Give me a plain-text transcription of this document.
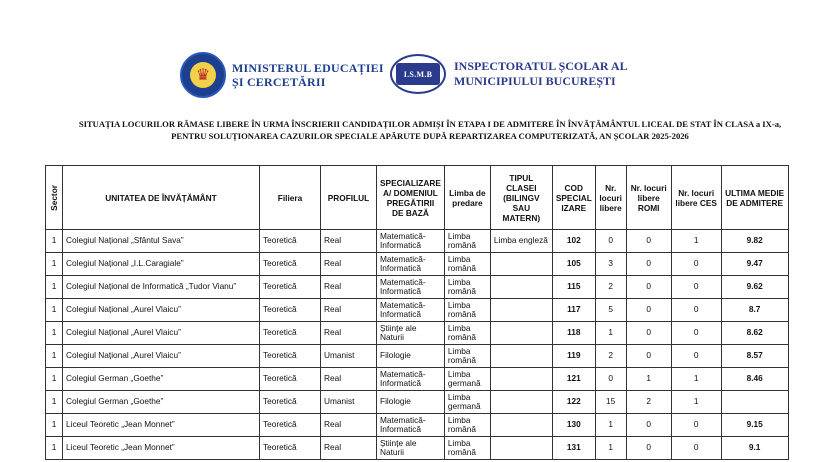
♛	MINISTERUL EDUCAȚIEI
ȘI CERCETĂRII
I.S.M.B
INSPECTORATUL ȘCOLAR AL
MUNICIPIULUI BUCUREȘTI
SITUAȚIA LOCURILOR RĂMASE LIBERE ÎN URMA ÎNSCRIERII CANDIDAȚILOR ADMIȘI ÎN ETAPA I DE ADMITERE ÎN ÎNVĂȚĂMÂNTUL LICEAL DE STAT ÎN CLASA a IX-a,
PENTRU SOLUȚIONAREA CAZURILOR SPECIALE APĂRUTE DUPĂ REPARTIZAREA COMPUTERIZATĂ, AN ȘCOLAR 2025-2026
Sector	UNITATEA DE ÎNVĂȚĂMÂNT	Filiera	PROFILUL	SPECIALIZARE A/ DOMENIUL PREGĂTIRII DE BAZĂ	Limba de predare	TIPUL CLASEI (BILINGV SAU MATERN)	COD SPECIAL IZARE	Nr. locuri libere	Nr. locuri libere ROMI	Nr. locuri libere CES	ULTIMA MEDIE DE ADMITERE
1	Colegiul Național „Sfântul Sava”	Teoretică	Real	Matematică-Informatică	Limba română	Limba engleză	102	0	0	1	9.82
1	Colegiul Național „I.L.Caragiale”	Teoretică	Real	Matematică-Informatică	Limba română		105	3	0	0	9.47
1	Colegiul Național de Informatică „Tudor Vianu”	Teoretică	Real	Matematică-Informatică	Limba română		115	2	0	0	9.62
1	Colegiul Național „Aurel Vlaicu”	Teoretică	Real	Matematică-Informatică	Limba română		117	5	0	0	8.7
1	Colegiul Național „Aurel Vlaicu”	Teoretică	Real	Științe ale Naturii	Limba română		118	1	0	0	8.62
1	Colegiul Național „Aurel Vlaicu”	Teoretică	Umanist	Filologie	Limba română		119	2	0	0	8.57
1	Colegiul German „Goethe”	Teoretică	Real	Matematică-Informatică	Limba germană		121	0	1	1	8.46
1	Colegiul German „Goethe”	Teoretică	Umanist	Filologie	Limba germană		122	15	2	1	
1	Liceul Teoretic „Jean Monnet”	Teoretică	Real	Matematică-Informatică	Limba română		130	1	0	0	9.15
1	Liceul Teoretic „Jean Monnet”	Teoretică	Real	Științe ale Naturii	Limba română		131	1	0	0	9.1
